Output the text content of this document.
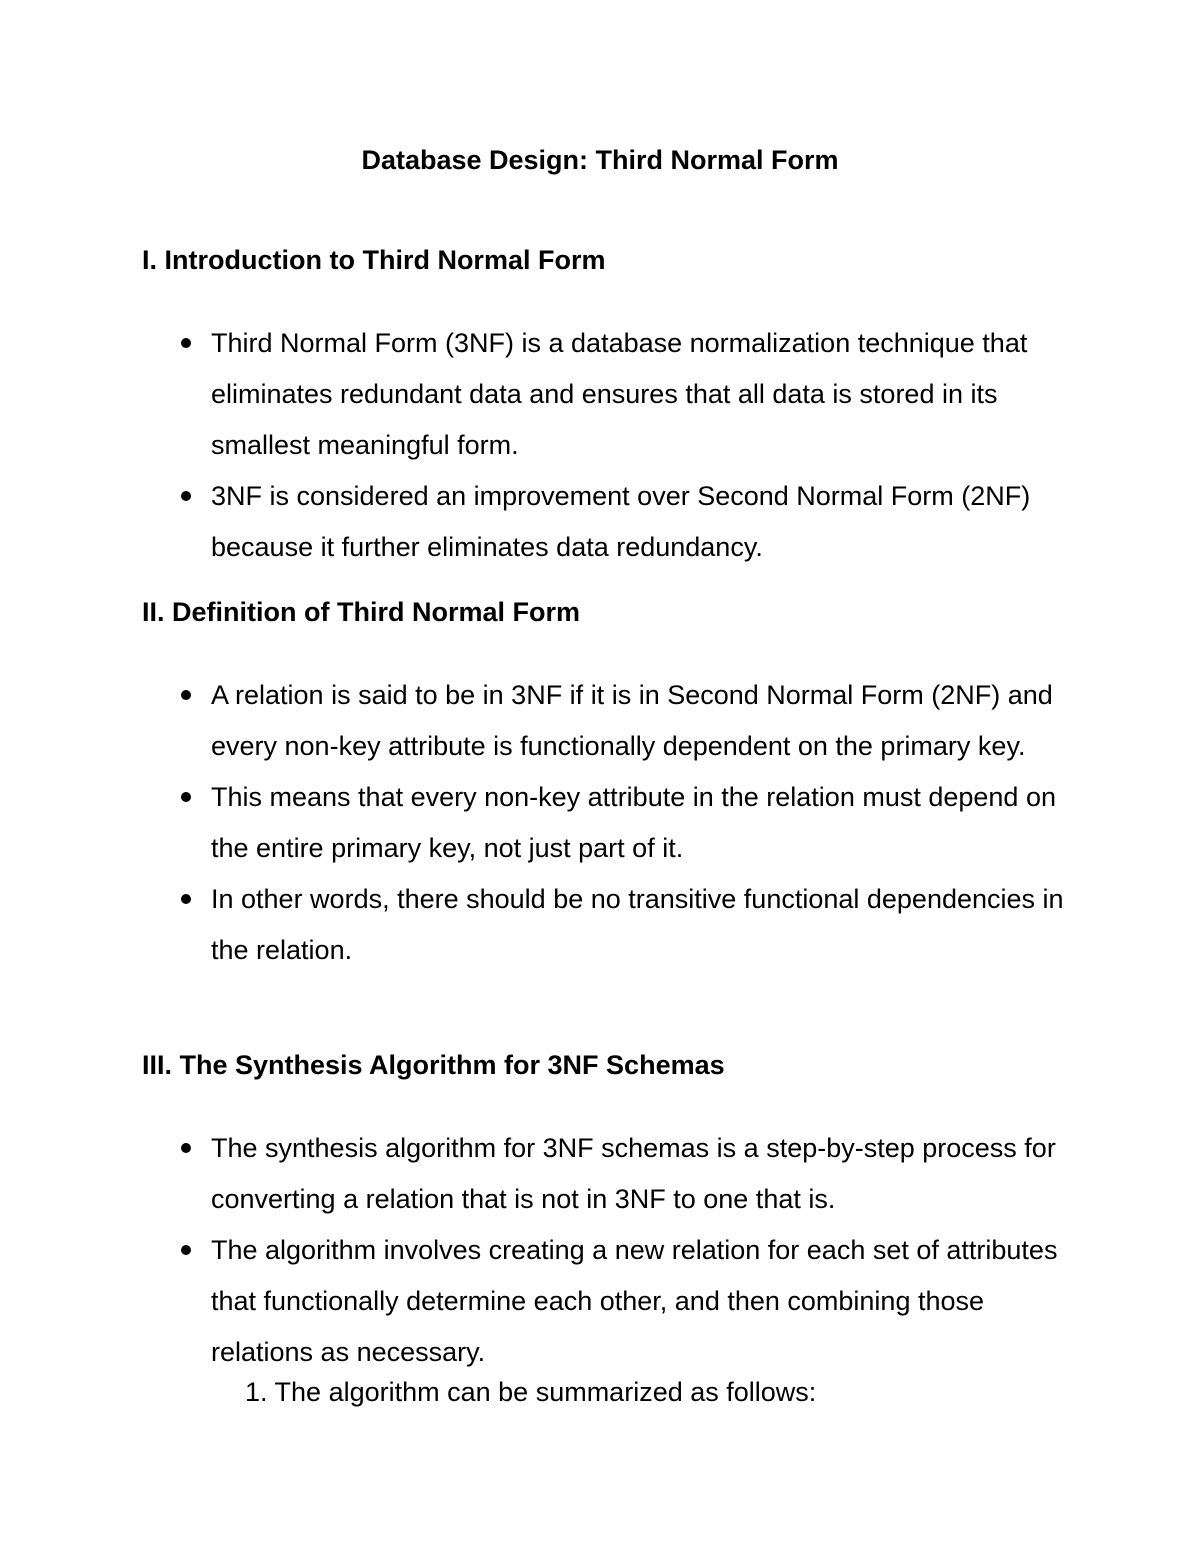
Database Design: Third Normal Form
I. Introduction to Third Normal Form
Third Normal Form (3NF) is a database normalization technique that eliminates redundant data and ensures that all data is stored in its smallest meaningful form.
3NF is considered an improvement over Second Normal Form (2NF) because it further eliminates data redundancy.
II. Definition of Third Normal Form
A relation is said to be in 3NF if it is in Second Normal Form (2NF) and every non-key attribute is functionally dependent on the primary key.
This means that every non-key attribute in the relation must depend on the entire primary key, not just part of it.
In other words, there should be no transitive functional dependencies in the relation.
III. The Synthesis Algorithm for 3NF Schemas
The synthesis algorithm for 3NF schemas is a step-by-step process for converting a relation that is not in 3NF to one that is.
The algorithm involves creating a new relation for each set of attributes that functionally determine each other, and then combining those relations as necessary.
1. The algorithm can be summarized as follows:
